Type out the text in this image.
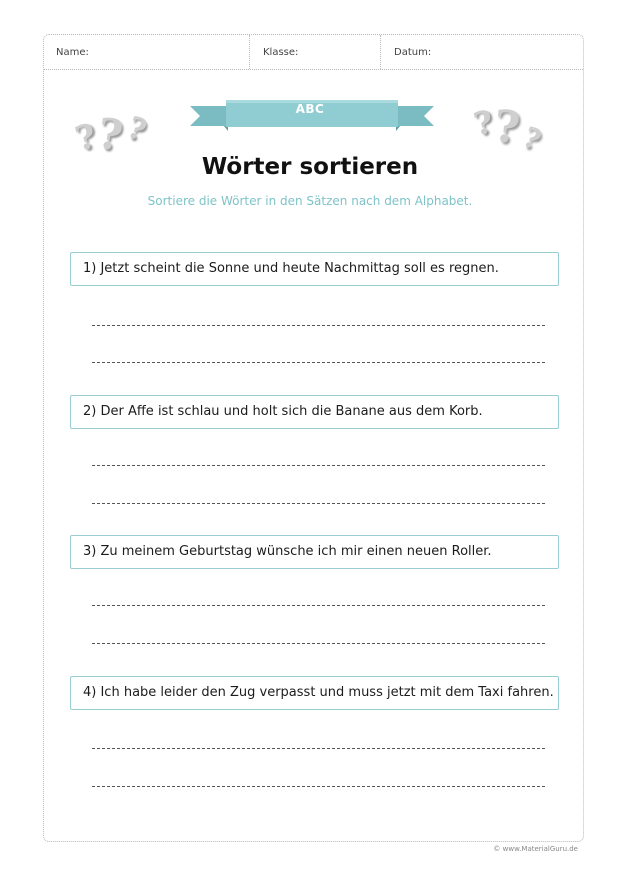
Name:	Klasse:	Datum:
?
?
?	?
?
?
ABC
Wörter sortieren
Sortiere die Wörter in den Sätzen nach dem Alphabet.
1) Jetzt scheint die Sonne und heute Nachmittag soll es regnen.
2) Der Affe ist schlau und holt sich die Banane aus dem Korb.
3) Zu meinem Geburtstag wünsche ich mir einen neuen Roller.
4) Ich habe leider den Zug verpasst und muss jetzt mit dem Taxi fahren.
© www.MaterialGuru.de
